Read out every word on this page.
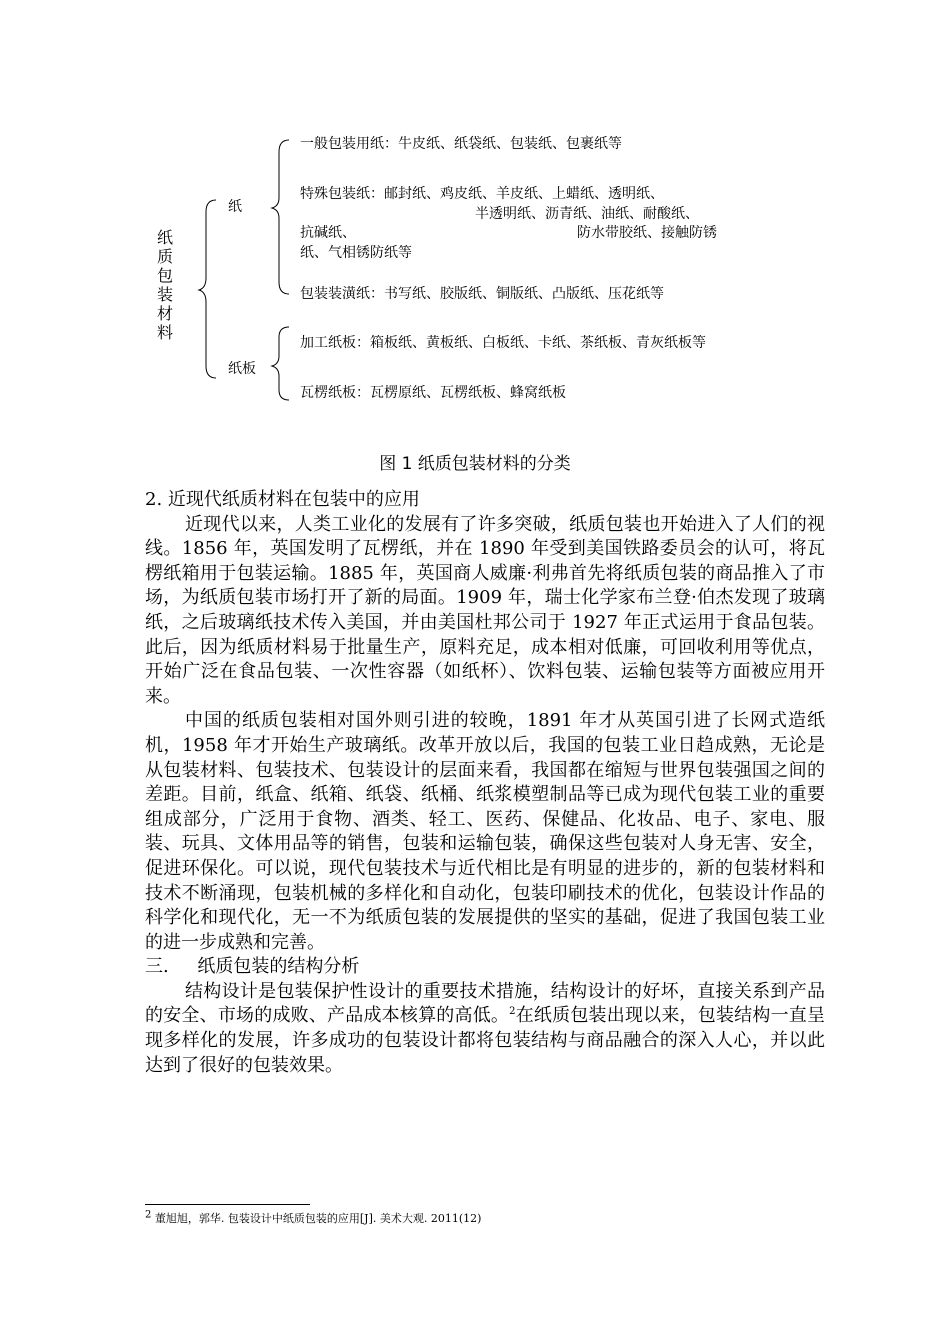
纸
质
包
装
材
料
纸
纸板
一般包装用纸：牛皮纸、纸袋纸、包装纸、包裹纸等
特殊包装纸：邮封纸、鸡皮纸、羊皮纸、上蜡纸、透明纸、
半透明纸、沥青纸、油纸、耐酸纸、
抗碱纸、	防水带胶纸、接触防锈
纸、气相锈防纸等
包装装潢纸：书写纸、胶版纸、铜版纸、凸版纸、压花纸等
加工纸板：箱板纸、黄板纸、白板纸、卡纸、茶纸板、青灰纸板等
瓦楞纸板：瓦楞原纸、瓦楞纸板、蜂窝纸板
图 1 纸质包装材料的分类

2. 近现代纸质材料在包装中的应用

近现代以来，人类工业化的发展有了许多突破，纸质包装也开始进入了人们的视线。1856 年，英国发明了瓦楞纸，并在 1890 年受到美国铁路委员会的认可，将瓦楞纸箱用于包装运输。1885 年，英国商人威廉·利弗首先将纸质包装的商品推入了市场，为纸质包装市场打开了新的局面。1909 年，瑞士化学家布兰登·伯杰发现了玻璃纸，之后玻璃纸技术传入美国，并由美国杜邦公司于 1927 年正式运用于食品包装。此后，因为纸质材料易于批量生产，原料充足，成本相对低廉，可回收利用等优点，开始广泛在食品包装、一次性容器（如纸杯）、饮料包装、运输包装等方面被应用开来。

中国的纸质包装相对国外则引进的较晚，1891 年才从英国引进了长网式造纸机，1958 年才开始生产玻璃纸。改革开放以后，我国的包装工业日趋成熟，无论是从包装材料、包装技术、包装设计的层面来看，我国都在缩短与世界包装强国之间的差距。目前，纸盒、纸箱、纸袋、纸桶、纸浆模塑制品等已成为现代包装工业的重要组成部分，广泛用于食物、酒类、轻工、医药、保健品、化妆品、电子、家电、服装、玩具、文体用品等的销售，包装和运输包装，确保这些包装对人身无害、安全，促进环保化。可以说，现代包装技术与近代相比是有明显的进步的，新的包装材料和技术不断涌现，包装机械的多样化和自动化，包装印刷技术的优化，包装设计作品的科学化和现代化，无一不为纸质包装的发展提供的坚实的基础，促进了我国包装工业的进一步成熟和完善。

三.     纸质包装的结构分析

结构设计是包装保护性设计的重要技术措施，结构设计的好坏，直接关系到产品的安全、市场的成败、产品成本核算的高低。$^2$在纸质包装出现以来，包装结构一直呈现多样化的发展，许多成功的包装设计都将包装结构与商品融合的深入人心，并以此达到了很好的包装效果。

$^2$ 董旭旭，郭华. 包装设计中纸质包装的应用[J]. 美术大观. 2011(12)
